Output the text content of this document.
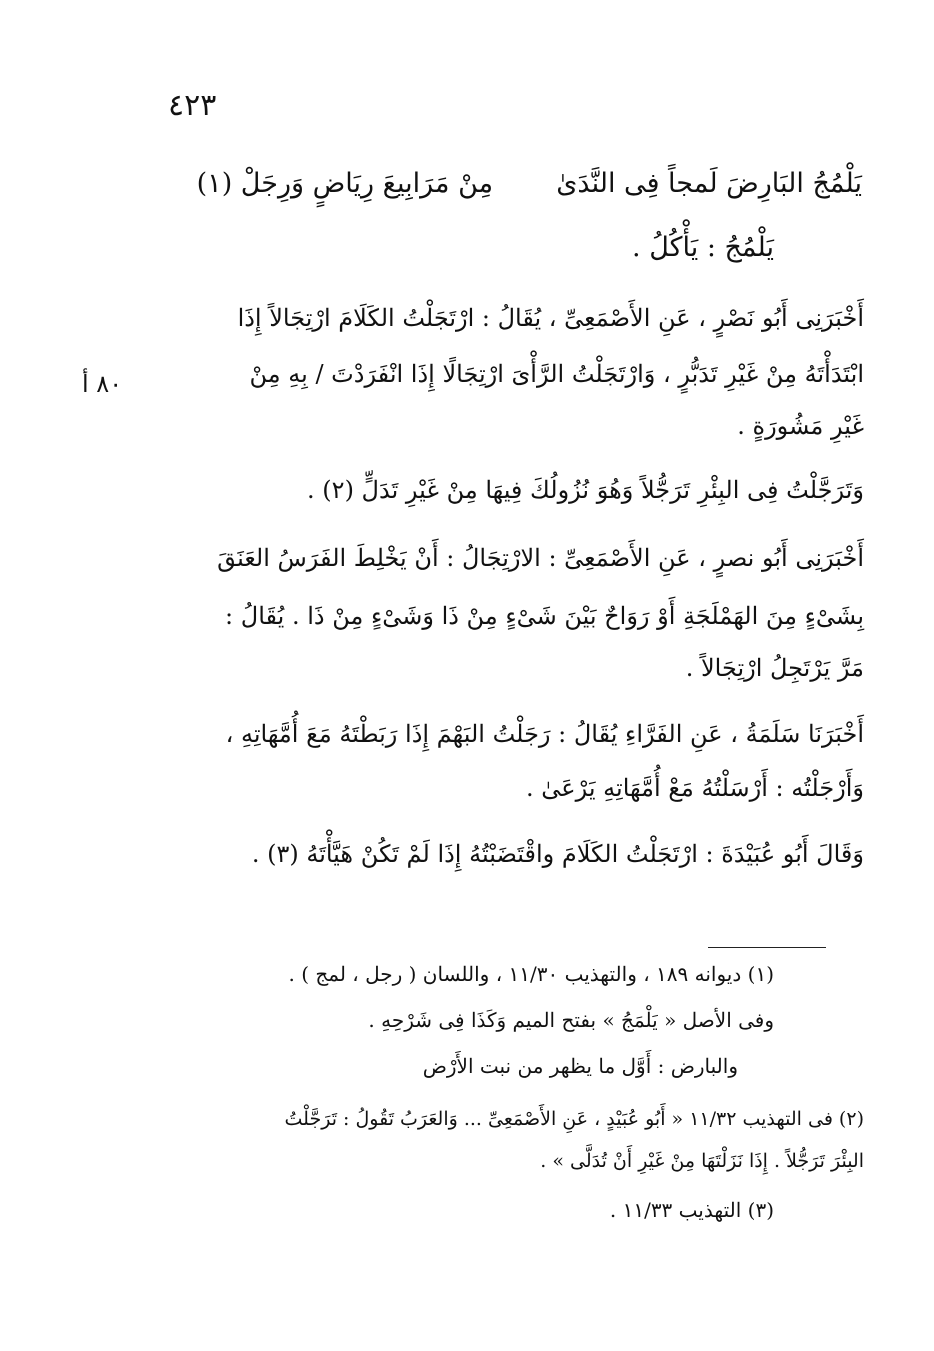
٤٢٣
يَلْمُجُ البَارِضَ لَمجاً فِى النَّدَىٰ  مِنْ مَرَابِيعَ رِيَاضٍ وَرِجَلْ (١)
يَلْمُجُ : يَأْكُلُ .
أَخْبَرَنِى أَبُو نَصْرٍ ، عَنِ الأَصْمَعِىِّ ، يُقَالُ : ارْتَجَلْتُ الكَلَامَ ارْتِجَالاً إِذَا
ابْتَدَأْتَهُ مِنْ غَيْرِ تَدَبُّرٍ ، وَارْتَجَلْتُ الرَّأْىَ ارْتِجَالًا إِذَا انْفَرَدْتَ / بِهِ مِنْ
٨٠ أ
غَيْرِ مَشُورَةٍ .
وَتَرَجَّلْتُ فِى البِئْرِ تَرَجُّلاً وَهُوَ نُزُولُكَ فِيهَا مِنْ غَيْرِ تَدَلٍّ (٢) .
أَخْبَرَنِى أَبُو نصرٍ ، عَنِ الأَصْمَعِىِّ : الارْتِجَالُ : أَنْ يَخْلِطَ الفَرَسُ العَنَقَ
بِشَىْءٍ مِنَ الهَمْلَجَةِ أَوْ رَوَاحٌ بَيْنَ شَىْءٍ مِنْ ذَا وَشَىْءٍ مِنْ ذَا . يُقَالُ :
مَرَّ يَرْتَجِلُ ارْتِجَالاً .
أَخْبَرَنَا سَلَمَةُ ، عَنِ الفَرَّاءِ يُقَالُ : رَجَلْتُ البَهْمَ إِذَا رَبَطْتَهُ مَعَ أُمَّهَاتِهِ ،
وَأَرْجَلْتُه : أَرْسَلْتُهُ مَعْ أُمَّهَاتِهِ يَرْعَىٰ .
وَقَالَ أَبُو عُبَيْدَةَ : ارْتَجَلْتُ الكَلَامَ واقْتَضَبْتُهُ إِذَا لَمْ تَكُنْ هَيَّأْتَهُ (٣) .
(١) ديوانه ١٨٩ ، والتهذيب ١١/٣٠ ، واللسان ( رجل ، لمج ) .
وفى الأصل « يَلْمَجُ » بفتح الميم وَكَذَا فِى شَرْحِهِ .
والبارض : أَوَّل ما يظهر من نبت الأَرْض
(٢) فى التهذيب ١١/٣٢ « أَبُو عُبَيْدٍ ، عَنِ الأَصْمَعِىِّ ... وَالعَرَبُ تَقُولُ : تَرَجَّلْتُ
البِئْرَ تَرَجُّلاً . إِذَا نَزَلْتَهَا مِنْ غَيْرِ أَنْ تُدَلَّى » .
(٣) التهذيب ١١/٣٣ .
